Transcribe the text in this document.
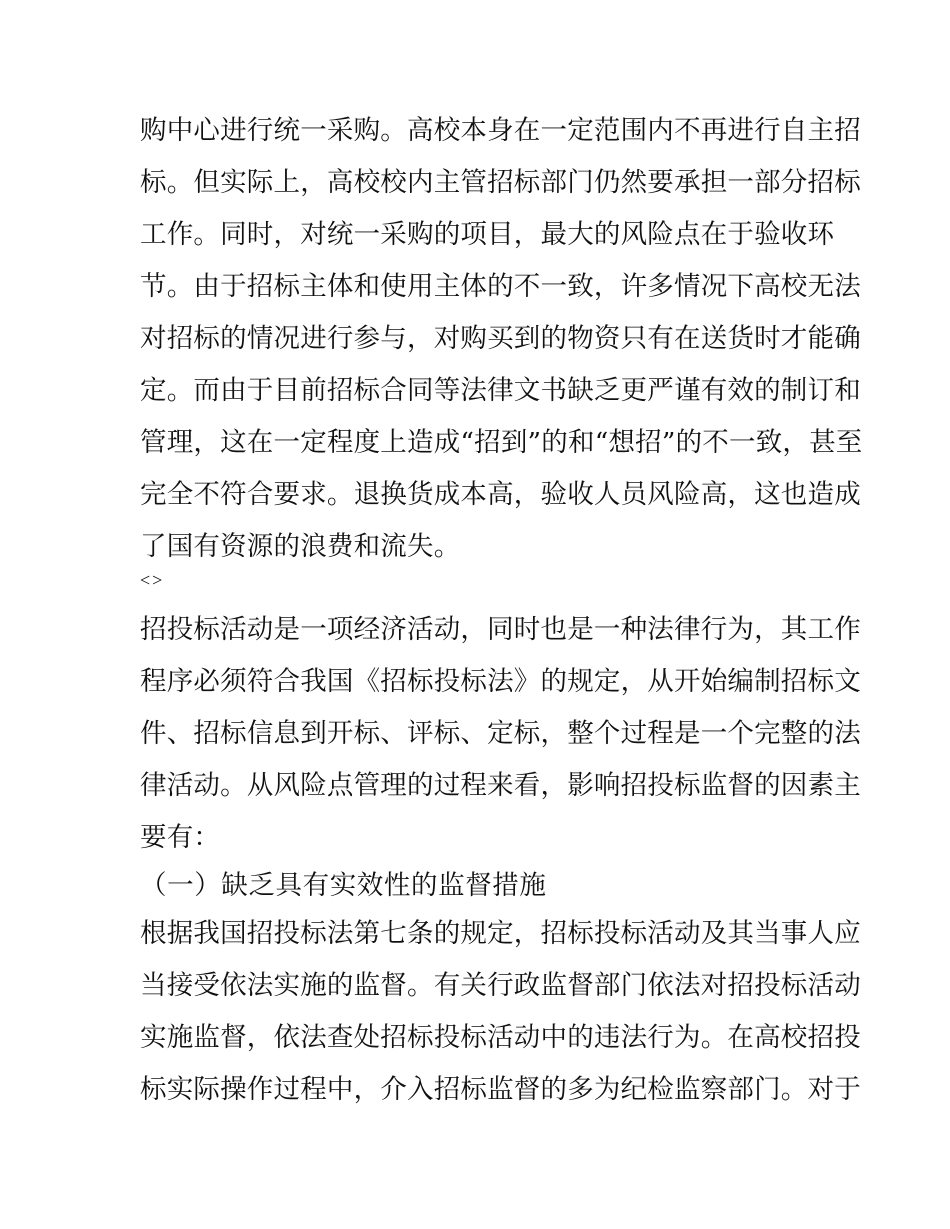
购中心进行统一采购。高校本身在一定范围内不再进行自主招
标。但实际上，高校校内主管招标部门仍然要承担一部分招标
工作。同时，对统一采购的项目，最大的风险点在于验收环
节。由于招标主体和使用主体的不一致，许多情况下高校无法
对招标的情况进行参与，对购买到的物资只有在送货时才能确
定。而由于目前招标合同等法律文书缺乏更严谨有效的制订和
管理，这在一定程度上造成“招到”的和“想招”的不一致，甚至
完全不符合要求。退换货成本高，验收人员风险高，这也造成
了国有资源的浪费和流失。
<>
招投标活动是一项经济活动，同时也是一种法律行为，其工作
程序必须符合我国《招标投标法》的规定，从开始编制招标文
件、招标信息到开标、评标、定标，整个过程是一个完整的法
律活动。从风险点管理的过程来看，影响招投标监督的因素主
要有：
（一）缺乏具有实效性的监督措施
根据我国招投标法第七条的规定，招标投标活动及其当事人应
当接受依法实施的监督。有关行政监督部门依法对招投标活动
实施监督，依法查处招标投标活动中的违法行为。在高校招投
标实际操作过程中，介入招标监督的多为纪检监察部门。对于
